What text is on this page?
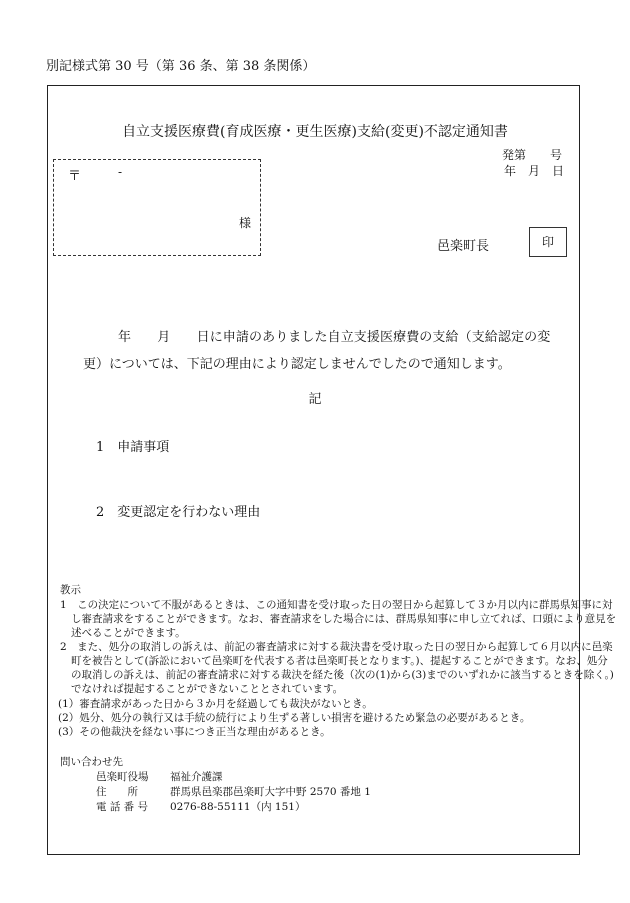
別記様式第 30 号（第 36 条、第 38 条関係）
自立支援医療費(育成医療・更生医療)支給(変更)不認定通知書
発第　　号
年　月　日
〒	-
様
邑楽町長	印
年　　月　　日に申請のありました自立支援医療費の支給（支給認定の変
更）については、下記の理由により認定しませんでしたので通知します。
記
1　申請事項
2　変更認定を行わない理由
教示
1　この決定について不服があるときは、この通知書を受け取った日の翌日から起算して３か月以内に群馬県知事に対
し審査請求をすることができます。なお、審査請求をした場合には、群馬県知事に申し立てれば、口頭により意見を
述べることができます。
2　また、処分の取消しの訴えは、前記の審査請求に対する裁決書を受け取った日の翌日から起算して６月以内に邑楽
町を被告として(訴訟において邑楽町を代表する者は邑楽町長となります。)、提起することができます。なお、処分
の取消しの訴えは、前記の審査請求に対する裁決を経た後（次の(1)から(3)までのいずれかに該当するときを除く。)
でなければ提起することができないこととされています。
(1）審査請求があった日から３か月を経過しても裁決がないとき。
(2）処分、処分の執行又は手続の続行により生ずる著しい損害を避けるため緊急の必要があるとき。
(3）その他裁決を経ない事につき正当な理由があるとき。
問い合わせ先
邑楽町役場 福祉介護課
住　　所	群馬県邑楽郡邑楽町大字中野 2570 番地 1
電 話 番 号 0276-88-55111（内 151）
